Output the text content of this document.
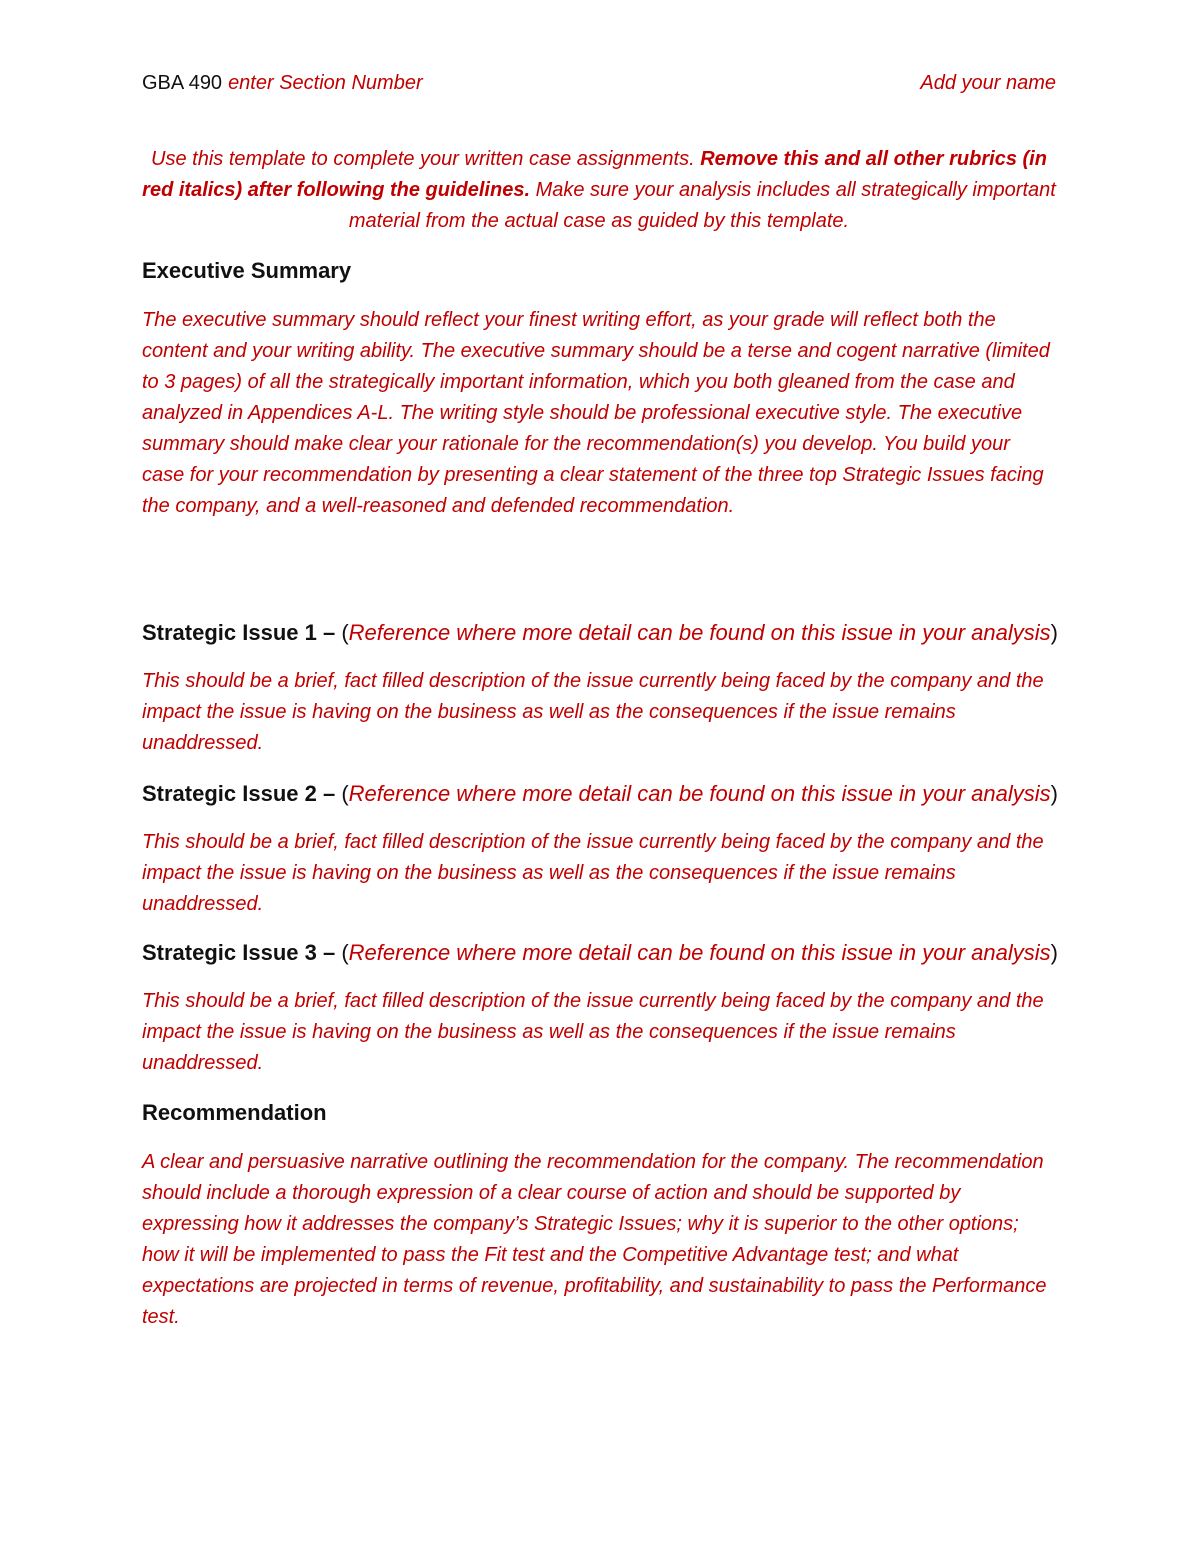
GBA 490 enter Section Number	Add your name
Use this template to complete your written case assignments. Remove this and all other rubrics (in red italics) after following the guidelines. Make sure your analysis includes all strategically important material from the actual case as guided by this template.
Executive Summary
The executive summary should reflect your finest writing effort, as your grade will reflect both the content and your writing ability. The executive summary should be a terse and cogent narrative (limited to 3 pages) of all the strategically important information, which you both gleaned from the case and analyzed in Appendices A-L. The writing style should be professional executive style. The executive summary should make clear your rationale for the recommendation(s) you develop. You build your case for your recommendation by presenting a clear statement of the three top Strategic Issues facing the company, and a well-reasoned and defended recommendation.
Strategic Issue 1 – (Reference where more detail can be found on this issue in your analysis)
This should be a brief, fact filled description of the issue currently being faced by the company and the impact the issue is having on the business as well as the consequences if the issue remains unaddressed.
Strategic Issue 2 – (Reference where more detail can be found on this issue in your analysis)
This should be a brief, fact filled description of the issue currently being faced by the company and the impact the issue is having on the business as well as the consequences if the issue remains unaddressed.
Strategic Issue 3 – (Reference where more detail can be found on this issue in your analysis)
This should be a brief, fact filled description of the issue currently being faced by the company and the impact the issue is having on the business as well as the consequences if the issue remains unaddressed.
Recommendation
A clear and persuasive narrative outlining the recommendation for the company. The recommendation should include a thorough expression of a clear course of action and should be supported by expressing how it addresses the company’s Strategic Issues; why it is superior to the other options; how it will be implemented to pass the Fit test and the Competitive Advantage test; and what expectations are projected in terms of revenue, profitability, and sustainability to pass the Performance test.
